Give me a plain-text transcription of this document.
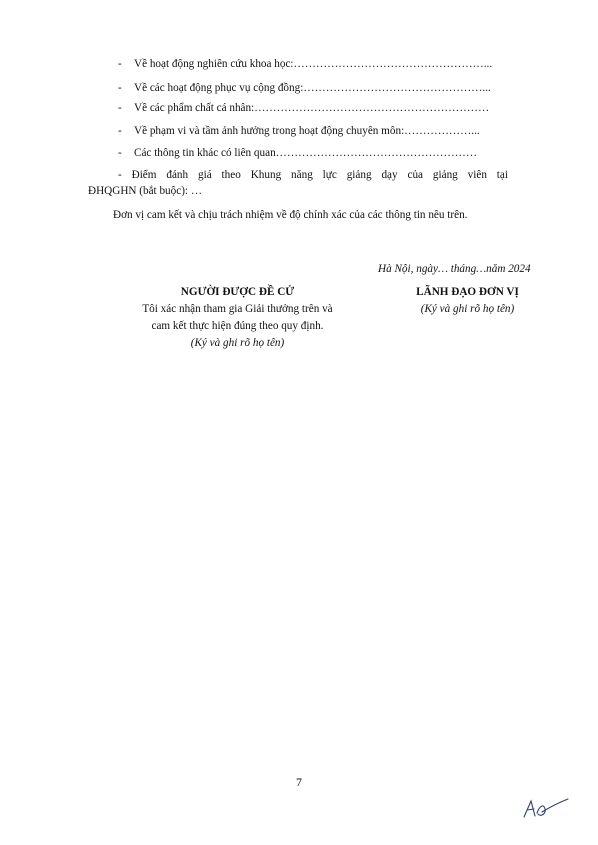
- Về hoạt động nghiên cứu khoa học:……………………………………………...
- Về các hoạt động phục vụ cộng đồng:…………………………………………...
- Về các phẩm chất cá nhân:………………………………………………………
- Về phạm vi và tầm ảnh hưởng trong hoạt động chuyên môn:………………...
- Các thông tin khác có liên quan………………………………………………
- Điểm đánh giá theo Khung năng lực giảng dạy của giảng viên tại
ĐHQGHN (bắt buộc): …
Đơn vị cam kết và chịu trách nhiệm về độ chính xác của các thông tin nêu trên.
Hà Nội, ngày… tháng…năm 2024
NGƯỜI ĐƯỢC ĐỀ CỬ
Tôi xác nhận tham gia Giải thưởng trên và
cam kết thực hiện đúng theo quy định.
(Ký và ghi rõ họ tên)
LÃNH ĐẠO ĐƠN VỊ
(Ký và ghi rõ họ tên)
7
